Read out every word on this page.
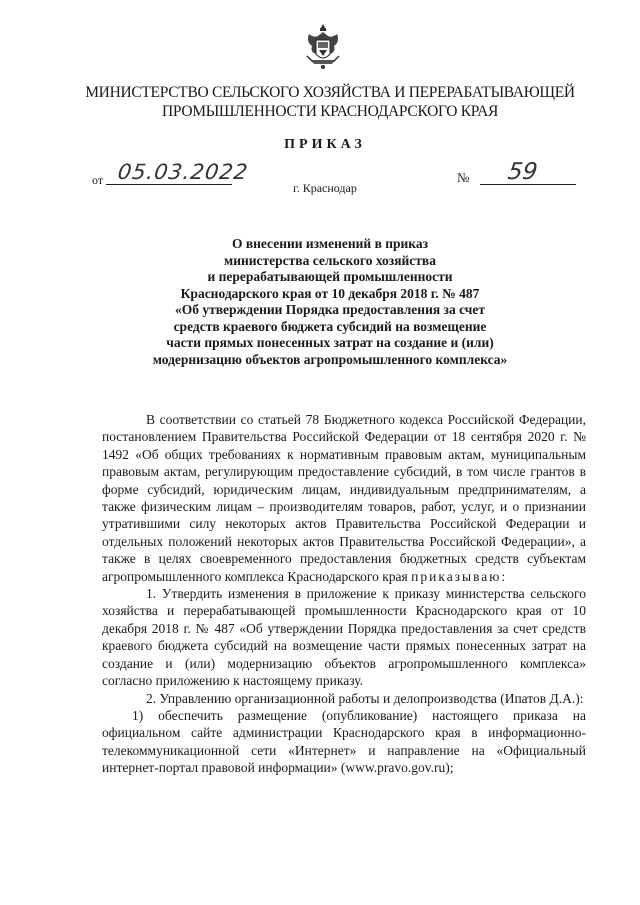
МИНИСТЕРСТВО СЕЛЬСКОГО ХОЗЯЙСТВА И ПЕРЕРАБАТЫВАЮЩЕЙ
ПРОМЫШЛЕННОСТИ КРАСНОДАРСКОГО КРАЯ
ПРИКАЗ
от 05.03.2022
г. Краснодар
№ 59
О внесении изменений в приказ
министерства сельского хозяйства
и перерабатывающей промышленности
Краснодарского края от 10 декабря 2018 г. № 487
«Об утверждении Порядка предоставления за счет
средств краевого бюджета субсидий на возмещение
части прямых понесенных затрат на создание и (или)
модернизацию объектов агропромышленного комплекса»

В соответствии со статьей 78 Бюджетного кодекса Российской Федерации, постановлением Правительства Российской Федерации от 18 сентября 2020 г. № 1492 «Об общих требованиях к нормативным правовым актам, муниципальным правовым актам, регулирующим предоставление субсидий, в том числе грантов в форме субсидий, юридическим лицам, индивидуальным предпринимателям, а также физическим лицам – производителям товаров, работ, услуг, и о признании утратившими силу некоторых актов Правительства Российской Федерации и отдельных положений некоторых актов Правительства Российской Федерации», а также в целях своевременного предоставления бюджетных средств субъектам агропромышленного комплекса Краснодарского края приказываю:

1. Утвердить изменения в приложение к приказу министерства сельского хозяйства и перерабатывающей промышленности Краснодарского края от 10 декабря 2018 г. № 487 «Об утверждении Порядка предоставления за счет средств краевого бюджета субсидий на возмещение части прямых понесенных затрат на создание и (или) модернизацию объектов агропромышленного комплекса» согласно приложению к настоящему приказу.

2. Управлению организационной работы и делопроизводства (Ипатов Д.А.):

1) обеспечить размещение (опубликование) настоящего приказа на официальном сайте администрации Краснодарского края в информационно-телекоммуникационной сети «Интернет» и направление на «Официальный интернет-портал правовой информации» (www.pravo.gov.ru);
